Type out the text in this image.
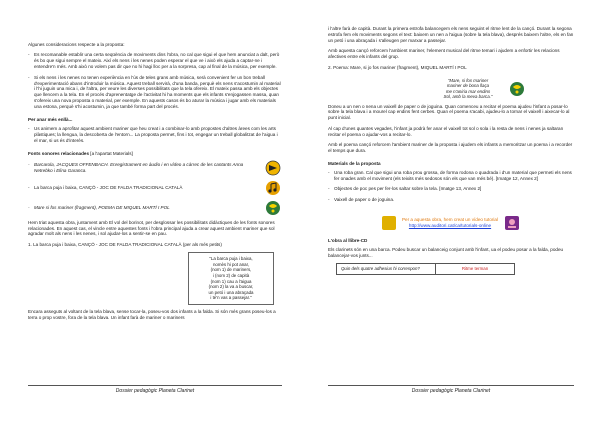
Algunes consideracions respecte a la proposta:

- Es recomanable establir una certa seqüència de moviments dins l'obra, no cal que sigui el que hem anunciat a dalt, però és bo que sigui sempre el mateix. Així els nens i les nenes poden esperar el que ve i això els ajuda a captar-ne i entendre'n més. Amb això no volem pas dir que no hi hagi lloc per a la sorpresa, cap al final de la música, per exemple.
- Si els nens i les nenes no tenen experiència en l'ús de teles grans amb música, serà convenient fer un bon treball d'experimentació abans d'introduir la música. Aquest treball servirà, d'una banda, perquè els nens s'acostumin al material i l'hi juguin una mica i, de l'altra, per veure les diverses possibilitats que la tela ofereix. El mateix passa amb els objectes que llencem a la tela. En el procés d'aprenentatge de l'activitat hi ha moments que els infants s'enjogassen massa, quan s'ofereix una nova proposta o material, per exemple. En aquests casos és bo aturar la música i jugar amb els materials una estona, perquè s'hi acostumin, ja que també forma part del procés.
Per anar més enllà...
- Us animem a aprofitar aquest ambient mariner que heu creat i a combinar-lo amb propostes d'altres àrees com les arts plàstiques; la llengua, la descoberta de l'entorn... La proposta permet, fins i tot, engegar un treball globalitzat de l'aigua i el mar, si us és d'interès.
Fonts sonores relacionades [a l'apartat Materials]
- Barcarola, JACQUES OFFENBACH. Enregistrament en àudio i en vídeo a càrrec de les cantants Anna Netrebko i Elina Garanca.
- La barca puja i baixa, CANÇÓ - JOC DE FALDA TRADICIONAL CATALÀ
- Mare si fos mariner (fragment), POEMA DE MIQUEL MARTÍ I POL

Hem triat aquesta obra, juntament amb El vol del borinot, per desglossar les possibilitats didàctiques de les fonts sonores relacionades. En aquest cas, el vincle entre aquestes fonts i l'obra principal ajuda a crear aquest ambient mariner que sol agradar molt als nens i les nenes, i sol ajudar-los a sentir-se en pau.

1. La barca puja i baixa, CANÇÓ - JOC DE FALDA TRADICIONAL CATALÀ (per als més petits)

"La barca puja i baixa,
nomès hi pot anar,
(nom 1) de mariners,
i (nom 2) de capità
(nom 1) cau a l'aigua
(nom 2) la va a buscar,
un petó i una abraçada
i té'n vas a passejar."

Encara asseguts al voltant de la tela blava, sense tocar-la, poseu-vos dos infants a la falda. Si són més grans poseu-los a terra o prop vostre, fora de la tela blava. Un infant farà de mariner o mariners

Dossier pedagògic Planeta Clarinet

i l'altre farà de capità. Durant la primera estrofa balancegem els nens seguint el ritme lent de la cançó. Durant la segona estrofa fem els moviments segons el text: baixem un nen a l'aigua (sobre la tela blava), després baixem l'altre, els en fan un petó i una abraçada i s'alleugen per marxar a passejar.

Amb aquesta cançó reforcem l'ambient mariner, l'element musical del ritme temari i ajudem a enfortir les relacions afectives entre els infants del grup.

2. Poema: Mare, si jo fos mariner (fragment), MIQUEL MARTÍ I POL

"Mare, si fos mariner
mariner de bona llaça
me n'aniria mar endins
Sol, amb la meva barca."

Doneu a un nen o nena un vaixell de paper o de joguina. Quan comenceu a recitar el poema ajudeu l'infant a posar-lo sobre la tela blava i a mourel cap endins fent cerbes. Quan el poema s'acabi, ajudeu-lo a tornar el vaixell i aixecar-lo al punt inicial.

Al cap d'unes quantes vegades, l'infant ja podrà fer anar el vaixell tot sol o sola i la resta de nens i nenes ja saltaran recitar el poema o ajudar-vos a recitar-lo.

Amb el poema cançó reforcem l'ambient mariner de la proposta i ajudem els infants a memoritzar un poema i a recorder el temps que dura.

Materials de la proposta
- Una roba gran. Cal que sigui una roba prou grossa, de forma rodona o quadrada i d'un material que permeti els nens fer onades amb el moviment (els teixits més sedosos són els que van més bé). [Imatge 12, Annex 2]
- Objectes de poc pes per fer-los saltar sobre la tela. [Imatge 13, Annex 2]
- Vaixell de paper o de joguina.
Per a aquesta obra, hem creat un vídeo tutorial
http://www.auditori.cat/ca/tutorials-online
L'obra al llibre-CD

Els clarinets són en una barca. Podeu buscar un balanceig conjunt amb l'infant, ua el podeu posar a la falda, podeu balancejar-vos junts...

Quin dels quatre adhesius hi correspon?	Ritme terman
Dossier pedagògic Planeta Clarinet
